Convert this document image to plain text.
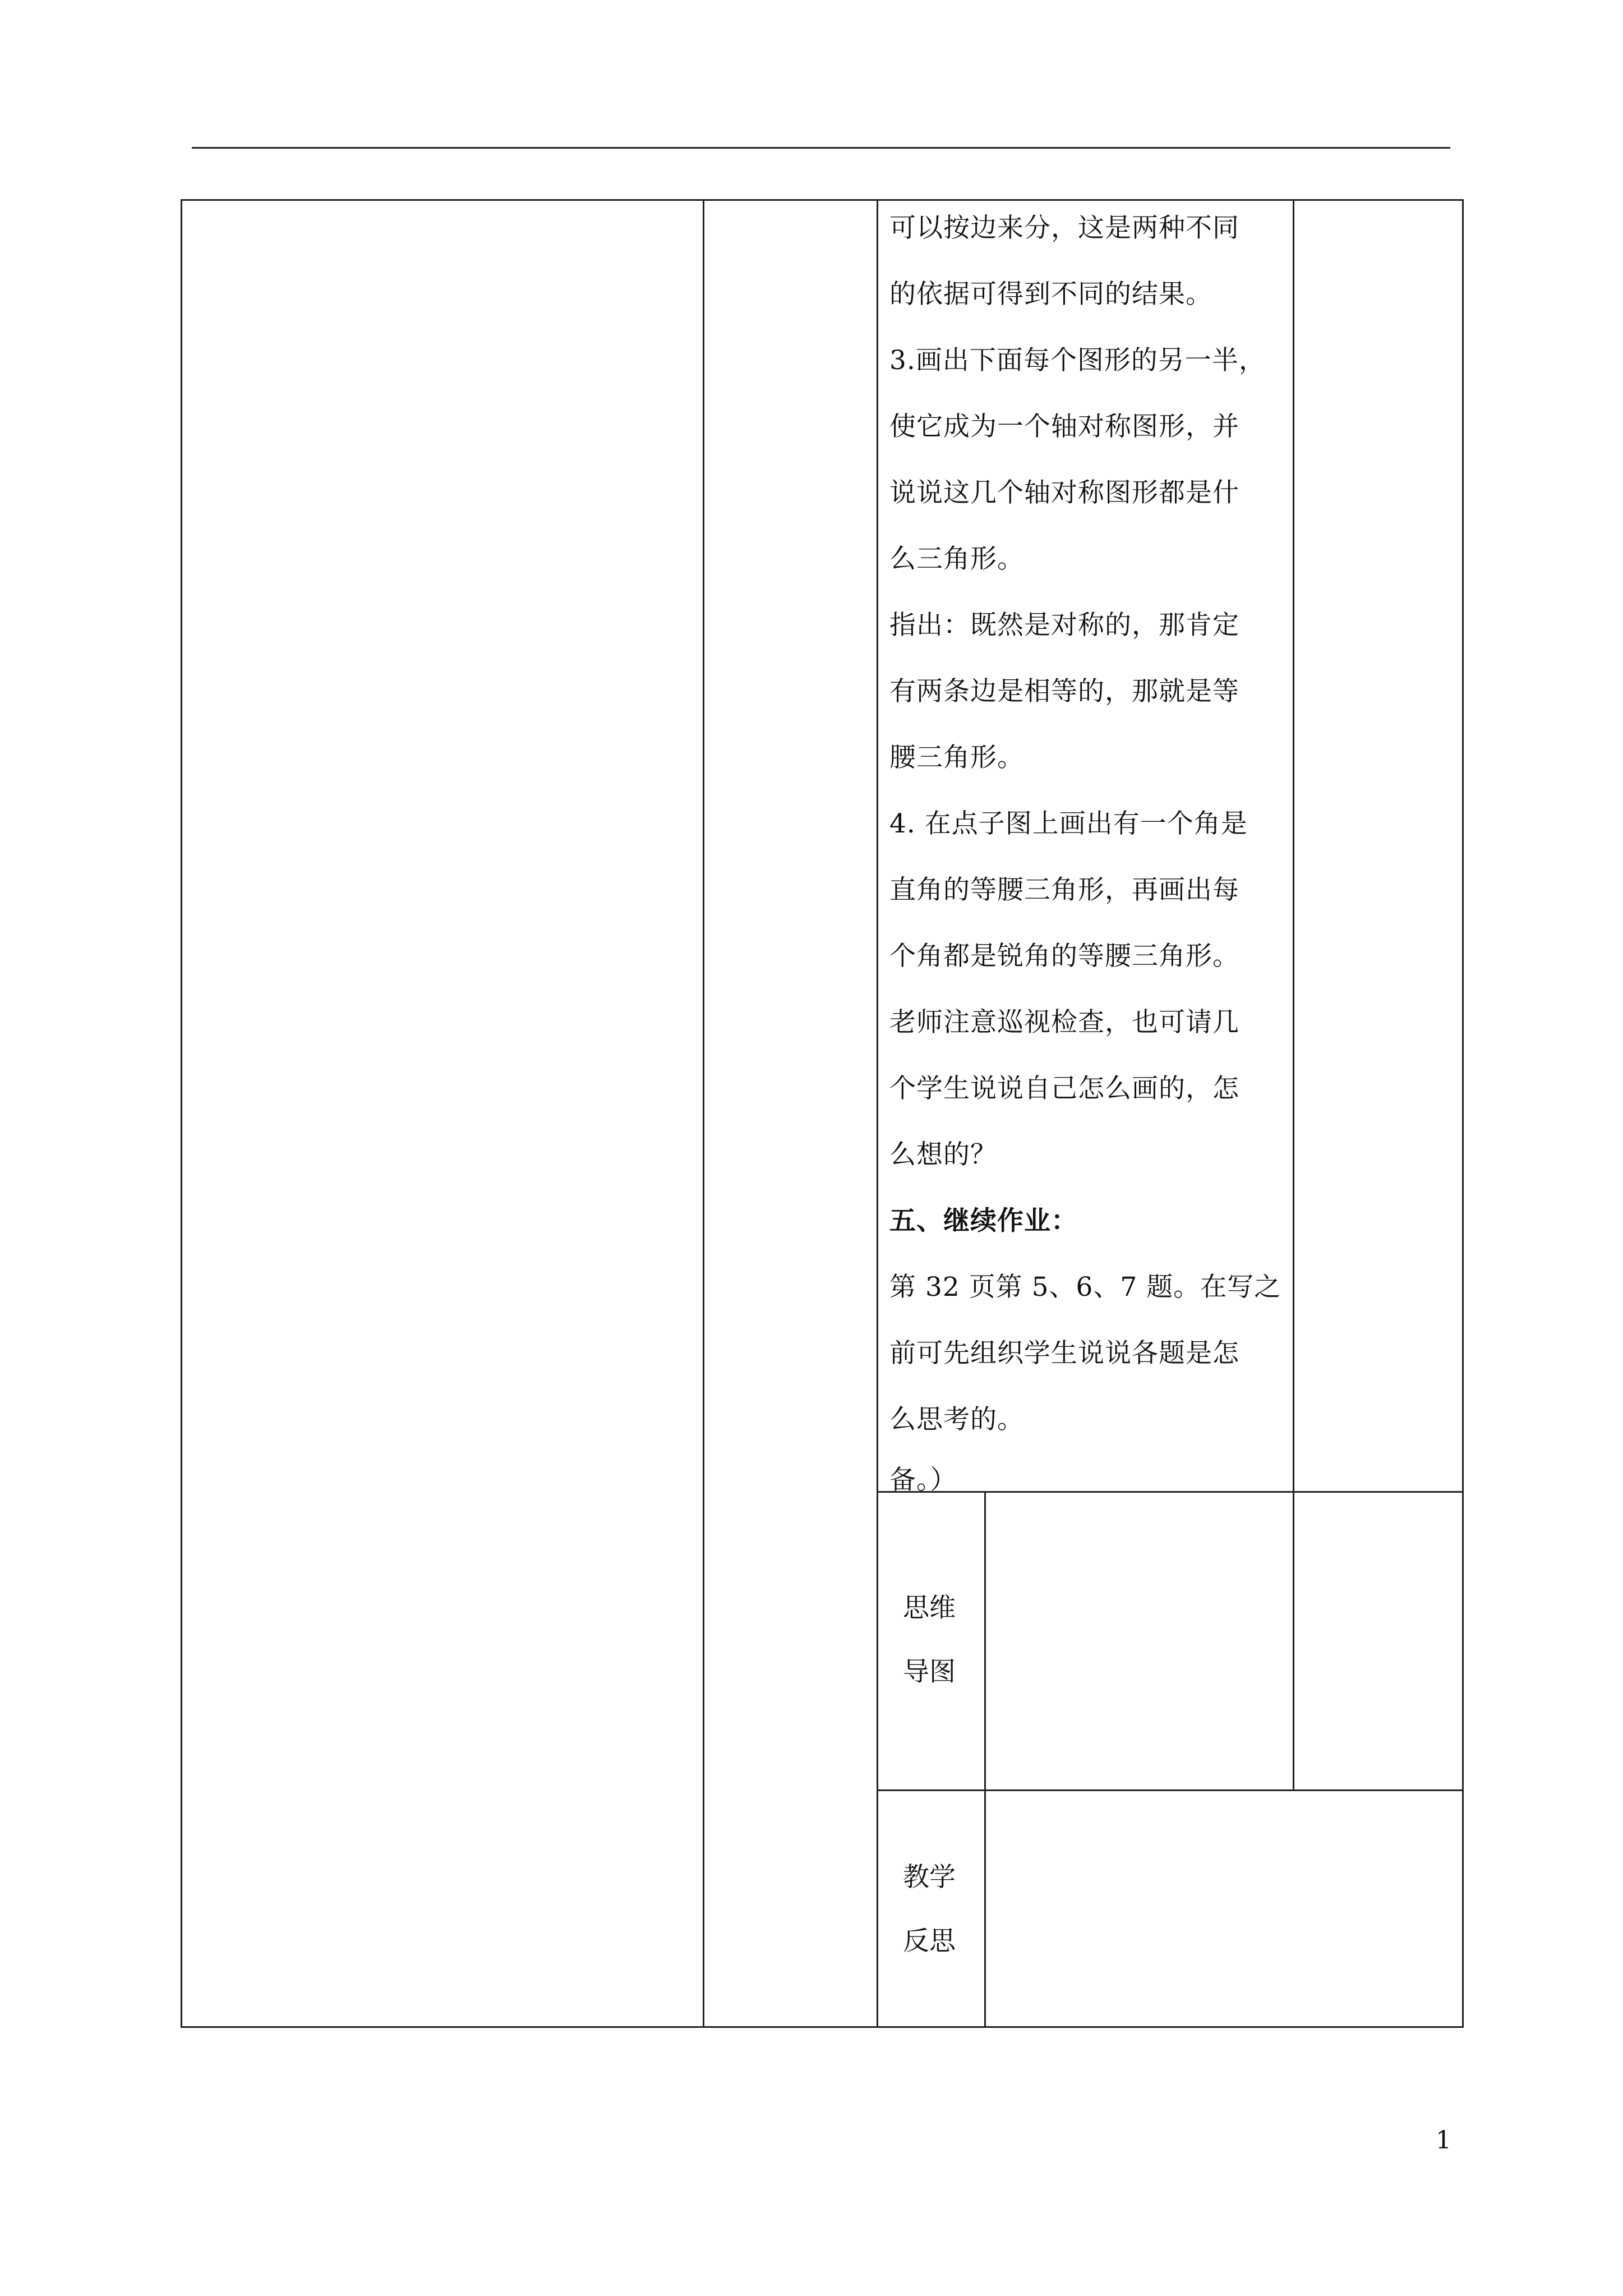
可以按边来分，这是两种不同

的依据可得到不同的结果。

3.画出下面每个图形的另一半，

使它成为一个轴对称图形，并

说说这几个轴对称图形都是什

么三角形。

指出：既然是对称的，那肯定

有两条边是相等的，那就是等

腰三角形。

4. 在点子图上画出有一个角是

直角的等腰三角形，再画出每

个角都是锐角的等腰三角形。

老师注意巡视检查，也可请几

个学生说说自己怎么画的，怎

么想的？

五、继续作业：

第 32 页第 5、6、7 题。在写之

前可先组织学生说说各题是怎

么思考的。

备。）

思维

导图

教学

反思

1
